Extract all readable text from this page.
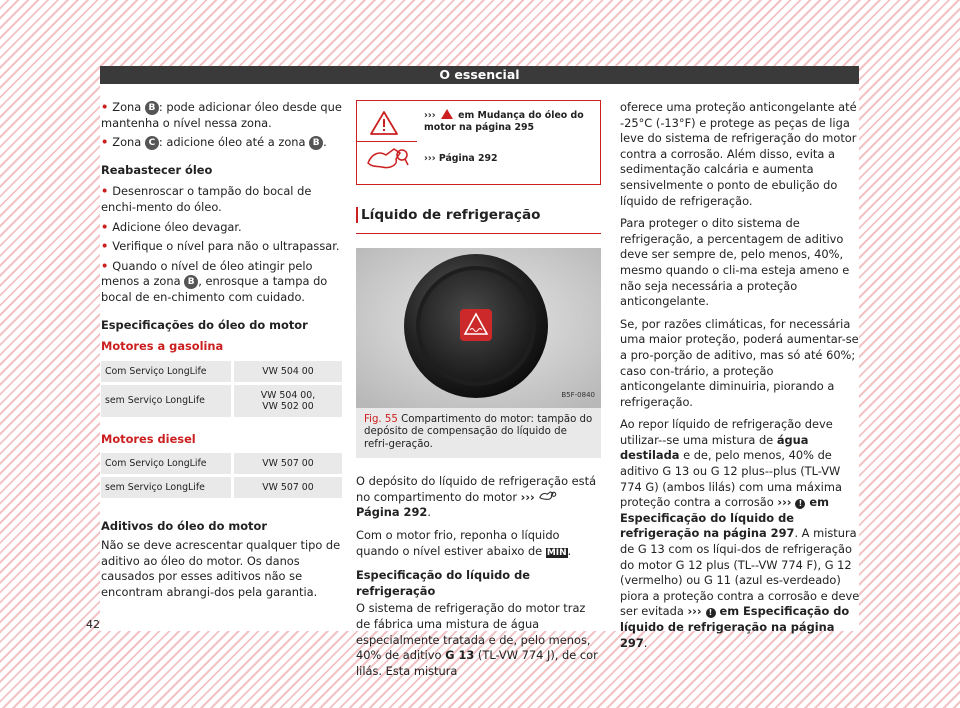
O essencial

• Zona B : pode adicionar óleo desde que mantenha o nível nessa zona.

• Zona C : adicione óleo até a zona B .

Reabastecer óleo

• Desenroscar o tampão do bocal de enchi-mento do óleo.

• Adicione óleo devagar.

• Verifique o nível para não o ultrapassar.

• Quando o nível de óleo atingir pelo menos a zona B , enrosque a tampa do bocal de en-chimento com cuidado.

Especificações do óleo do motor

Motores a gasolina

Com Serviço LongLife	VW 504 00
sem Serviço LongLife	VW 504 00,
VW 502 00

Motores diesel

Com Serviço LongLife	VW 507 00
sem Serviço LongLife	VW 507 00

Aditivos do óleo do motor

Não se deve acrescentar qualquer tipo de aditivo ao óleo do motor. Os danos causados por esses aditivos não se encontram abrangi-dos pela garantia.

›››  em Mudança do óleo do motor na página 295
››› Página 292
Líquido de refrigeração
B5F-0840
Fig. 55 Compartimento do motor: tampão do depósito de compensação do líquido de refri-geração.

O depósito do líquido de refrigeração está no compartimento do motor ›››  Página 292.

Com o motor frio, reponha o líquido quando o nível estiver abaixo de MIN.

Especificação do líquido de refrigeração

O sistema de refrigeração do motor traz de fábrica uma mistura de água especialmente tratada e de, pelo menos, 40% de aditivo G 13 (TL-VW 774 J), de cor lilás. Esta mistura

oferece uma proteção anticongelante até -25°C (-13°F) e protege as peças de liga leve do sistema de refrigeração do motor contra a corrosão. Além disso, evita a sedimentação calcária e aumenta sensivelmente o ponto de ebulição do líquido de refrigeração.

Para proteger o dito sistema de refrigeração, a percentagem de aditivo deve ser sempre de, pelo menos, 40%, mesmo quando o cli-ma esteja ameno e não seja necessária a proteção anticongelante.

Se, por razões climáticas, for necessária uma maior proteção, poderá aumentar-se a pro-porção de aditivo, mas só até 60%; caso con-trário, a proteção anticongelante diminuiria, piorando a refrigeração.

Ao repor líquido de refrigeração deve utilizar--se uma mistura de água destilada e de, pelo menos, 40% de aditivo G 13 ou G 12 plus--plus (TL-VW 774 G) (ambos lilás) com uma máxima proteção contra a corrosão ››› ! em Especificação do líquido de refrigeração na página 297. A mistura de G 13 com os líqui-dos de refrigeração do motor G 12 plus (TL--VW 774 F), G 12 (vermelho) ou G 11 (azul es-verdeado) piora a proteção contra a corrosão e deve ser evitada ››› ! em Especificação do líquido de refrigeração na página 297.

42
